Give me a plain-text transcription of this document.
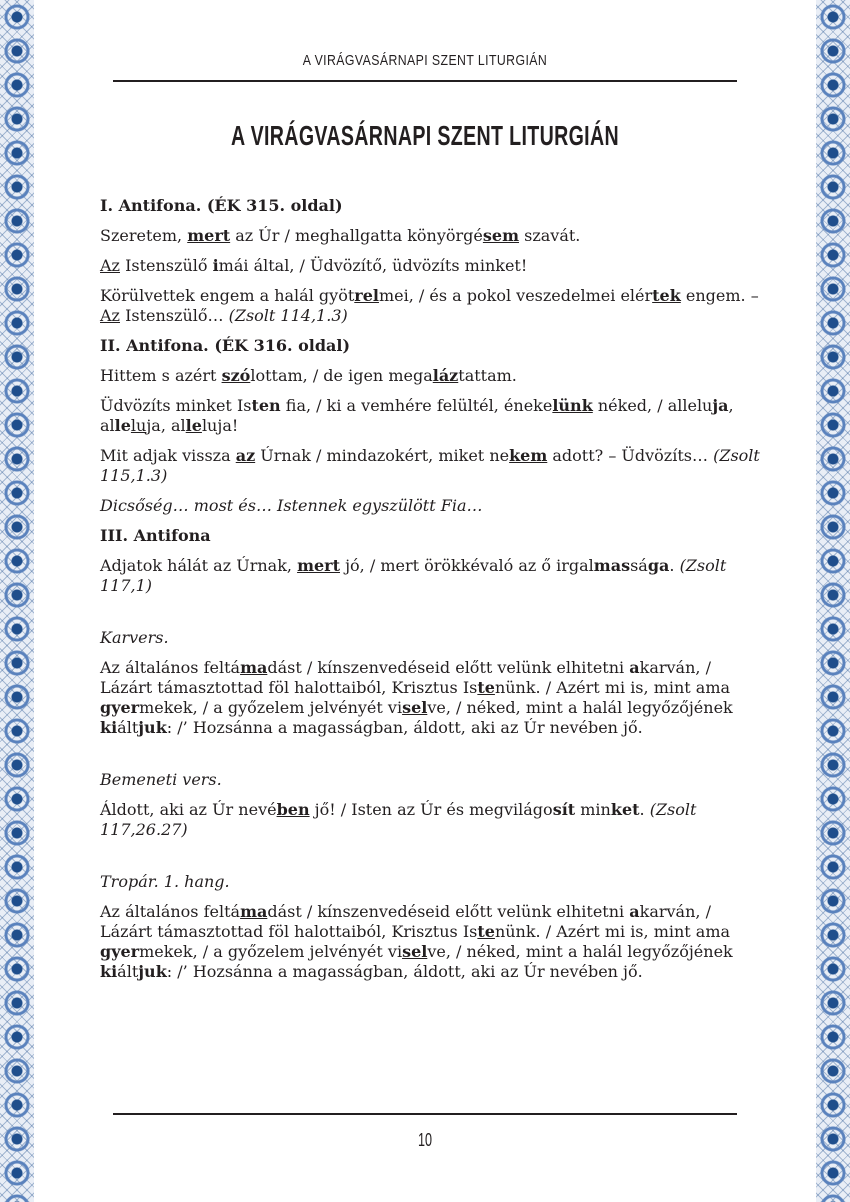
A VIRÁGVASÁRNAPI SZENT LITURGIÁN
A VIRÁGVASÁRNAPI SZENT LITURGIÁN
I. Antifona. (ÉK 315. oldal)

Szeretem, mert az Úr / meghallgatta könyörgésem szavát.

Az Istenszülő imái által, / Üdvözítő, üdvözíts minket!

Körülvettek engem a halál gyötrelmei, / és a pokol veszedelmei elértek engem. – Az Istenszülő… (Zsolt 114,1.3)

II. Antifona. (ÉK 316. oldal)

Hittem s azért szólottam, / de igen megaláztattam.

Üdvözíts minket Isten fia, / ki a vemhére felültél, énekelünk néked, / alleluja, alleluja, alleluja!

Mit adjak vissza az Úrnak / mindazokért, miket nekem adott? – Üdvözíts… (Zsolt 115,1.3)

Dicsőség… most és… Istennek egyszülött Fia…

III. Antifona

Adjatok hálát az Úrnak, mert jó, / mert örökkévaló az ő irgalmassága. (Zsolt 117,1)

Karvers.

Az általános feltámadást / kínszenvedéseid előtt velünk elhitetni akarván, / Lázárt támasztottad föl halottaiból, Krisztus Istenünk. / Azért mi is, mint ama gyermekek, / a győzelem jelvényét viselve, / néked, mint a halál legyőzőjének kiáltjuk: /’ Hozsánna a magasságban, áldott, aki az Úr nevében jő.

Bemeneti vers.

Áldott, aki az Úr nevében jő! / Isten az Úr és megvilágosít minket. (Zsolt 117,26.27)

Tropár. 1. hang.

Az általános feltámadást / kínszenvedéseid előtt velünk elhitetni akarván, / Lázárt támasztottad föl halottaiból, Krisztus Istenünk. / Azért mi is, mint ama gyermekek, / a győzelem jelvényét viselve, / néked, mint a halál legyőzőjének kiáltjuk: /’ Hozsánna a magasságban, áldott, aki az Úr nevében jő.

10
